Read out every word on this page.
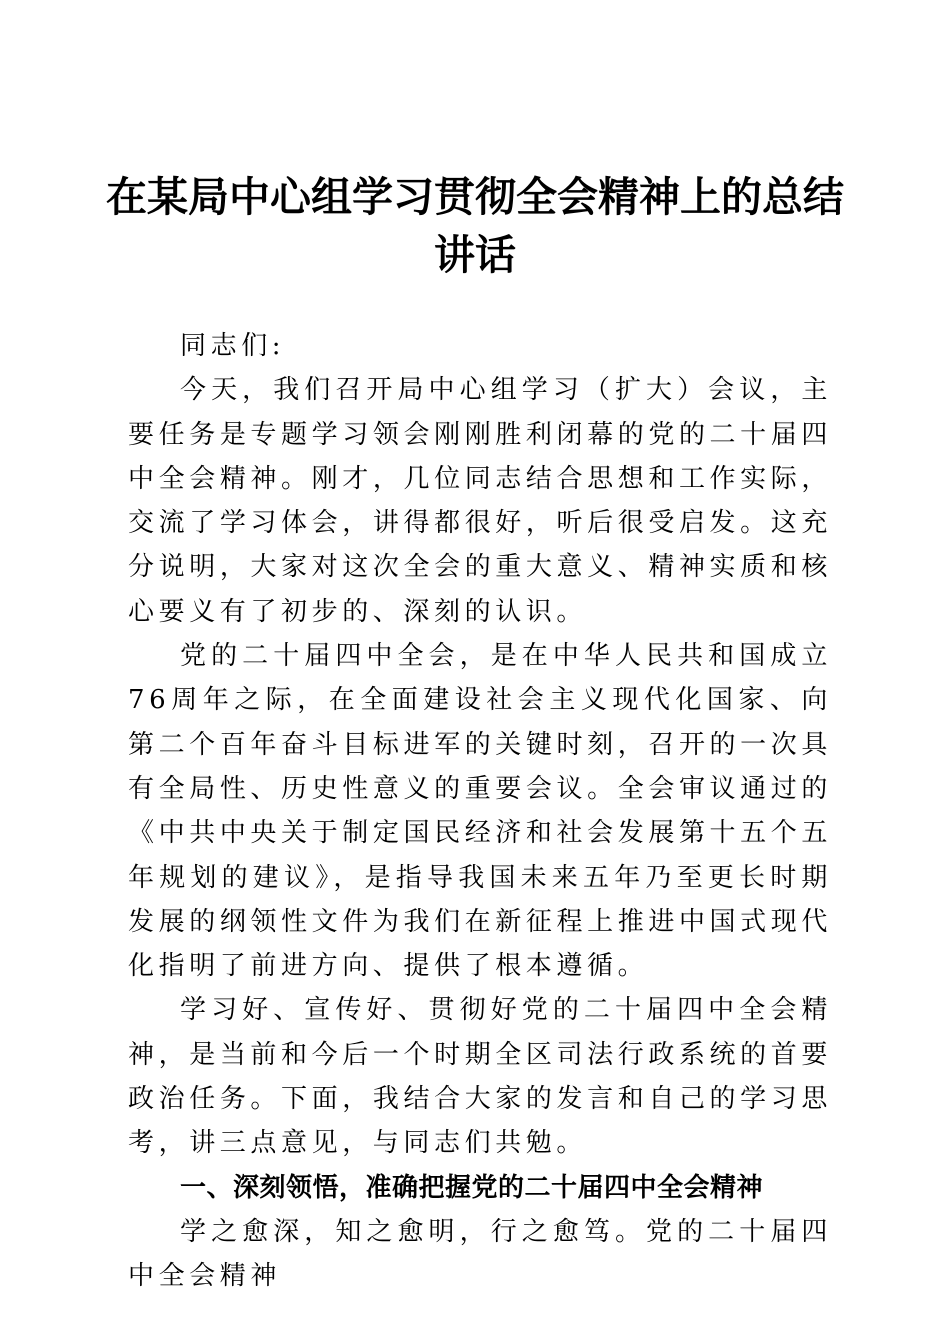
在某局中心组学习贯彻全会精神上的总结讲话

同志们:

今天，我们召开局中心组学习（扩大）会议，主要任务是专题学习领会刚刚胜利闭幕的党的二十届四中全会精神。刚才，几位同志结合思想和工作实际，交流了学习体会，讲得都很好，听后很受启发。这充分说明，大家对这次全会的重大意义、精神实质和核心要义有了初步的、深刻的认识。

党的二十届四中全会，是在中华人民共和国成立76周年之际，在全面建设社会主义现代化国家、向第二个百年奋斗目标进军的关键时刻，召开的一次具有全局性、历史性意义的重要会议。全会审议通过的《中共中央关于制定国民经济和社会发展第十五个五年规划的建议》，是指导我国未来五年乃至更长时期发展的纲领性文件为我们在新征程上推进中国式现代化指明了前进方向、提供了根本遵循。

学习好、宣传好、贯彻好党的二十届四中全会精神，是当前和今后一个时期全区司法行政系统的首要政治任务。下面，我结合大家的发言和自己的学习思考，讲三点意见，与同志们共勉。

一、深刻领悟，准确把握党的二十届四中全会精神

学之愈深，知之愈明，行之愈笃。党的二十届四中全会精神
